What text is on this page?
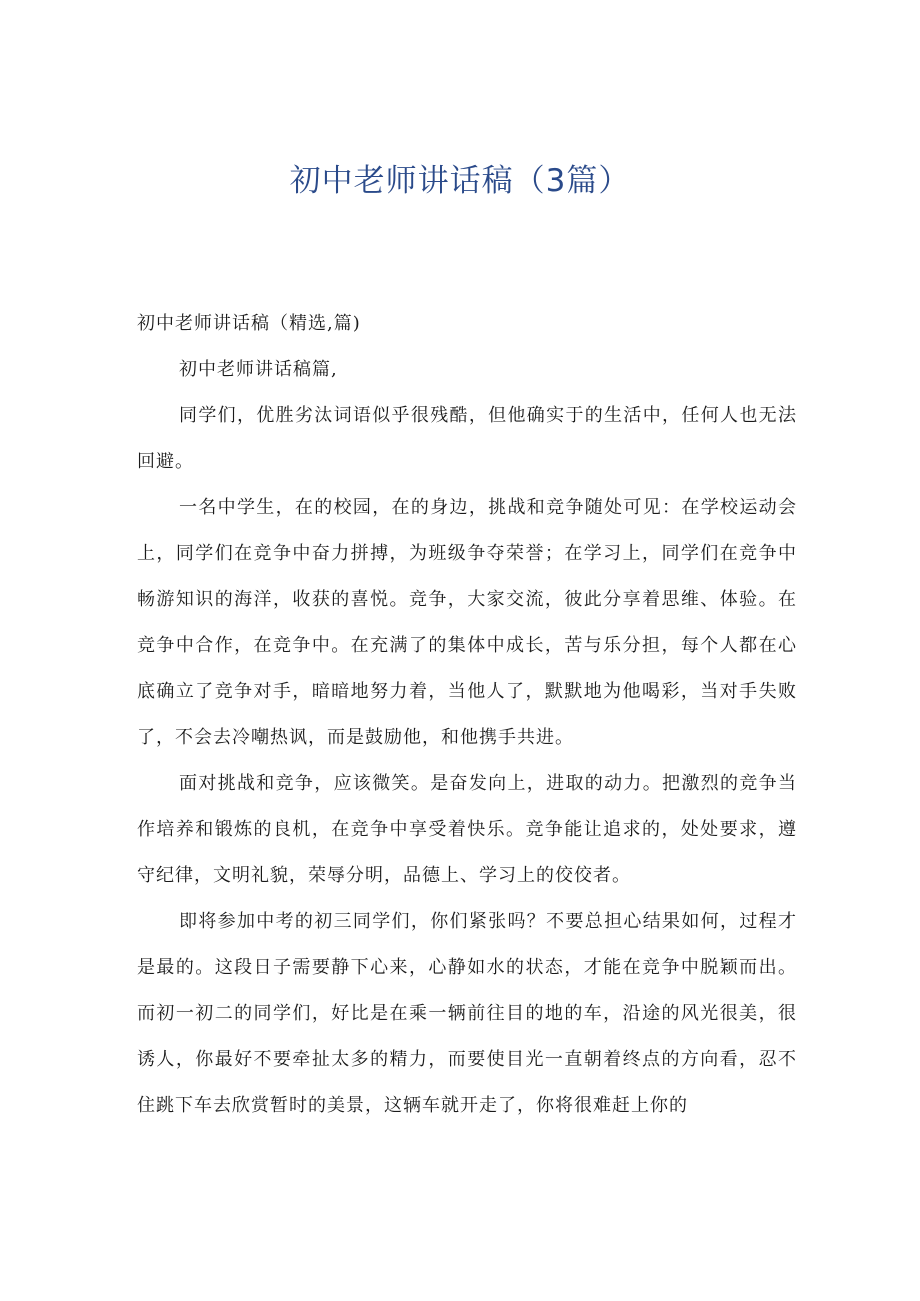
初中老师讲话稿（3篇）

初中老师讲话稿（精选,篇)

初中老师讲话稿篇,

同学们，优胜劣汰词语似乎很残酷，但他确实于的生活中，任何人也无法回避。

一名中学生，在的校园，在的身边，挑战和竞争随处可见：在学校运动会上，同学们在竞争中奋力拼搏，为班级争夺荣誉；在学习上，同学们在竞争中畅游知识的海洋，收获的喜悦。竞争，大家交流，彼此分享着思维、体验。在竞争中合作，在竞争中。在充满了的集体中成长，苦与乐分担，每个人都在心底确立了竞争对手，暗暗地努力着，当他人了，默默地为他喝彩，当对手失败了，不会去冷嘲热讽，而是鼓励他，和他携手共进。

面对挑战和竞争，应该微笑。是奋发向上，进取的动力。把激烈的竞争当作培养和锻炼的良机，在竞争中享受着快乐。竞争能让追求的，处处要求，遵守纪律，文明礼貌，荣辱分明，品德上、学习上的佼佼者。

即将参加中考的初三同学们，你们紧张吗？不要总担心结果如何，过程才是最的。这段日子需要静下心来，心静如水的状态，才能在竞争中脱颖而出。而初一初二的同学们，好比是在乘一辆前往目的地的车，沿途的风光很美，很诱人，你最好不要牵扯太多的精力，而要使目光一直朝着终点的方向看，忍不住跳下车去欣赏暂时的美景，这辆车就开走了，你将很难赶上你的
